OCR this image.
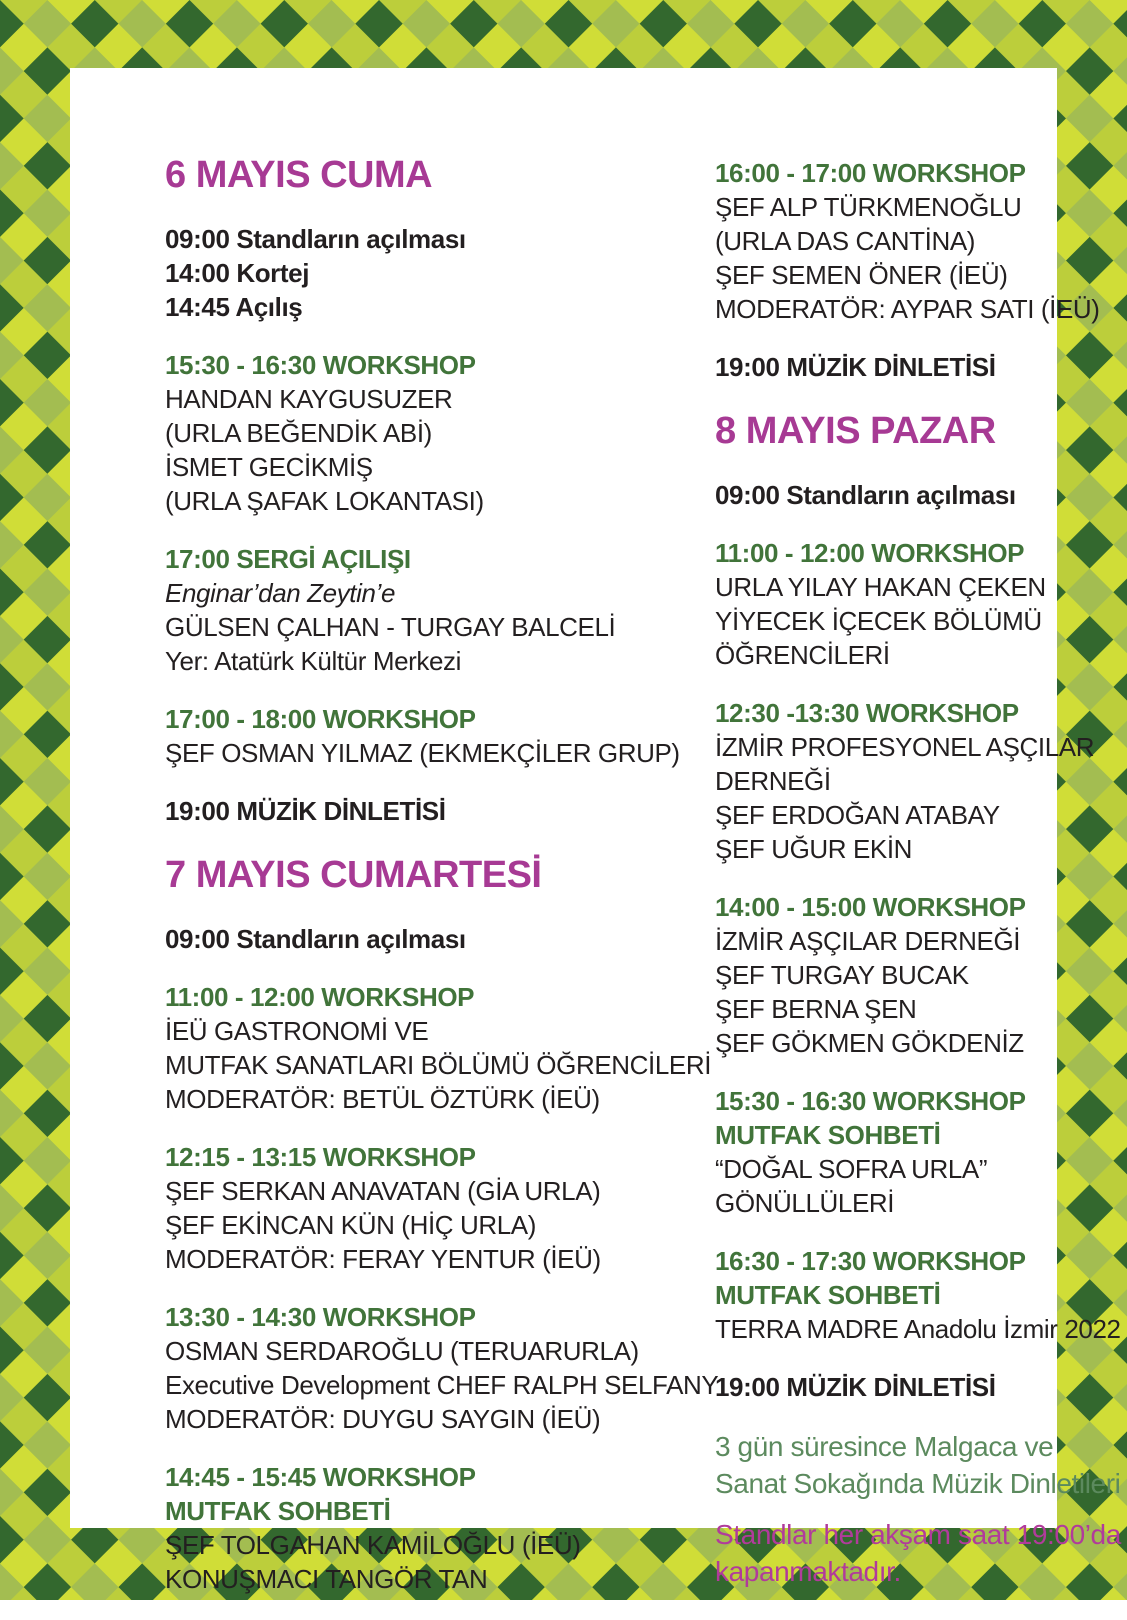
6 MAYIS CUMA
09:00 Standların açılması
14:00 Kortej
14:45 Açılış
15:30 - 16:30 WORKSHOP
HANDAN KAYGUSUZER
(URLA BEĞENDİK ABİ)
İSMET GECİKMİŞ
(URLA ŞAFAK LOKANTASI)
17:00 SERGİ AÇILIŞI
Enginar’dan Zeytin’e
GÜLSEN ÇALHAN - TURGAY BALCELİ
Yer: Atatürk Kültür Merkezi
17:00 - 18:00 WORKSHOP
ŞEF OSMAN YILMAZ (EKMEKÇİLER GRUP)
19:00 MÜZİK DİNLETİSİ
7 MAYIS CUMARTESİ
09:00 Standların açılması
11:00 - 12:00 WORKSHOP
İEÜ GASTRONOMİ VE
MUTFAK SANATLARI BÖLÜMÜ ÖĞRENCİLERİ
MODERATÖR: BETÜL ÖZTÜRK (İEÜ)
12:15 - 13:15 WORKSHOP
ŞEF SERKAN ANAVATAN (GİA URLA)
ŞEF EKİNCAN KÜN (HİÇ URLA)
MODERATÖR: FERAY YENTUR (İEÜ)
13:30 - 14:30 WORKSHOP
OSMAN SERDAROĞLU (TERUARURLA)
Executive Development CHEF RALPH SELFANY
MODERATÖR: DUYGU SAYGIN (İEÜ)
14:45 - 15:45 WORKSHOP
MUTFAK SOHBETİ
ŞEF TOLGAHAN KAMİLOĞLU (İEÜ)
KONUŞMACI TANGÖR TAN
16:00 - 17:00 WORKSHOP
ŞEF ALP TÜRKMENOĞLU
(URLA DAS CANTİNA)
ŞEF SEMEN ÖNER (İEÜ)
MODERATÖR: AYPAR SATI (İEÜ)
19:00 MÜZİK DİNLETİSİ
8 MAYIS PAZAR
09:00 Standların açılması
11:00 - 12:00 WORKSHOP
URLA YILAY HAKAN ÇEKEN
YİYECEK İÇECEK BÖLÜMÜ
ÖĞRENCİLERİ
12:30 -13:30 WORKSHOP
İZMİR PROFESYONEL AŞÇILAR
DERNEĞİ
ŞEF ERDOĞAN ATABAY
ŞEF UĞUR EKİN
14:00 - 15:00 WORKSHOP
İZMİR AŞÇILAR DERNEĞİ
ŞEF TURGAY BUCAK
ŞEF BERNA ŞEN
ŞEF GÖKMEN GÖKDENİZ
15:30 - 16:30 WORKSHOP
MUTFAK SOHBETİ
“DOĞAL SOFRA URLA”
GÖNÜLLÜLERİ
16:30 - 17:30 WORKSHOP
MUTFAK SOHBETİ
TERRA MADRE Anadolu İzmir 2022
19:00 MÜZİK DİNLETİSİ
3 gün süresince Malgaca ve
Sanat Sokağında Müzik Dinletileri
Standlar her akşam saat 19:00’da
kapanmaktadır.
